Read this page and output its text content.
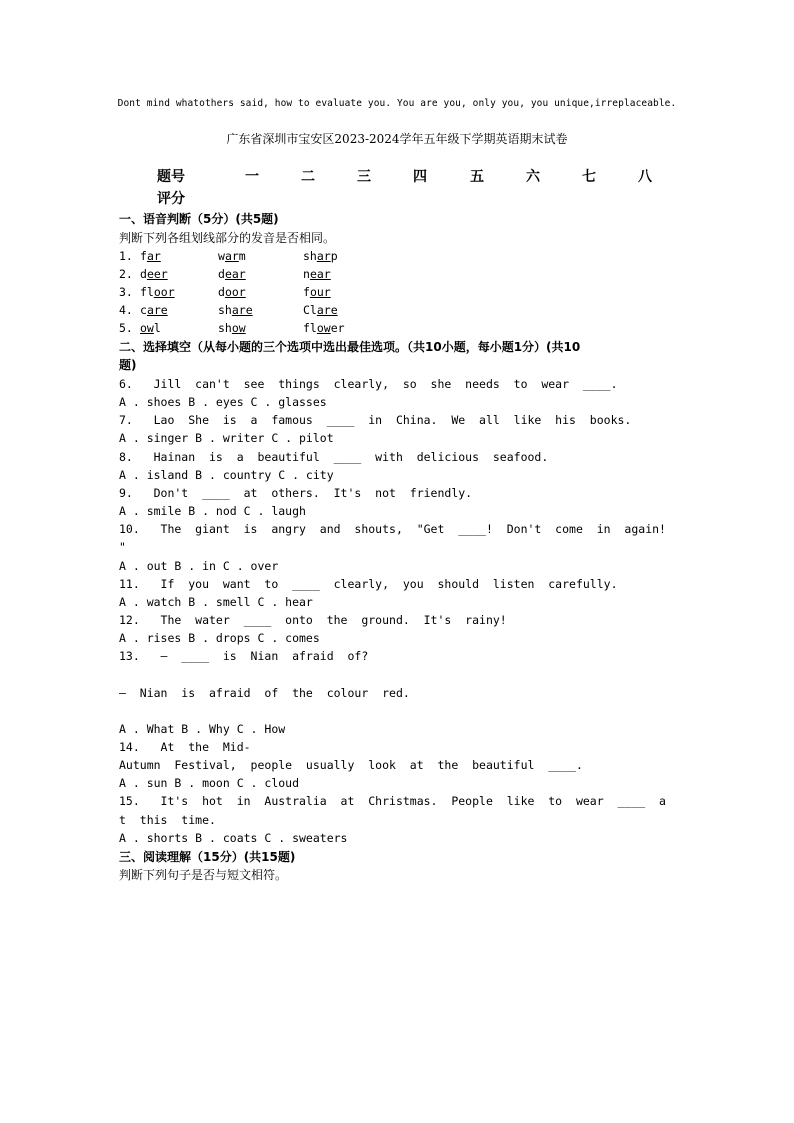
Dont mind whatothers said, how to evaluate you. You are you, only you, you unique,irreplaceable.
广东省深圳市宝安区2023-2024学年五年级下学期英语期末试卷
题号	一	二	三	四	五	六	七	八
评分
一、语音判断（5分）(共5题)
判断下列各组划线部分的发音是否相同。
1. far	warm	sharp
2. deer	dear	near
3. floor	door	four
4. care	share	Clare
5. owl	show	flower
二、选择填空（从每小题的三个选项中选出最佳选项。（共10小题，每小题1分）(共10
题)
6.   Jill  can't  see  things  clearly,  so  she  needs  to  wear  ____.
A . shoes B . eyes C . glasses
7.   Lao  She  is  a  famous  ____  in  China.  We  all  like  his  books.
A . singer B . writer C . pilot
8.   Hainan  is  a  beautiful  ____  with  delicious  seafood.
A . island B . country C . city
9.   Don't  ____  at  others.  It's  not  friendly.
A . smile B . nod C . laugh
10.   The  giant  is  angry  and  shouts,  "Get  ____!  Don't  come  in  again!
"
A . out B . in C . over
11.   If  you  want  to  ____  clearly,  you  should  listen  carefully.
A . watch B . smell C . hear
12.   The  water  ____  onto  the  ground.  It's  rainy!
A . rises B . drops C . comes
13.   —  ____  is  Nian  afraid  of?
—  Nian  is  afraid  of  the  colour  red.
A . What B . Why C . How
14.   At  the  Mid-
Autumn  Festival,  people  usually  look  at  the  beautiful  ____.
A . sun B . moon C . cloud
15.   It's  hot  in  Australia  at  Christmas.  People  like  to  wear  ____  a
t  this  time.
A . shorts B . coats C . sweaters
三、阅读理解（15分）(共15题)
判断下列句子是否与短文相符。
